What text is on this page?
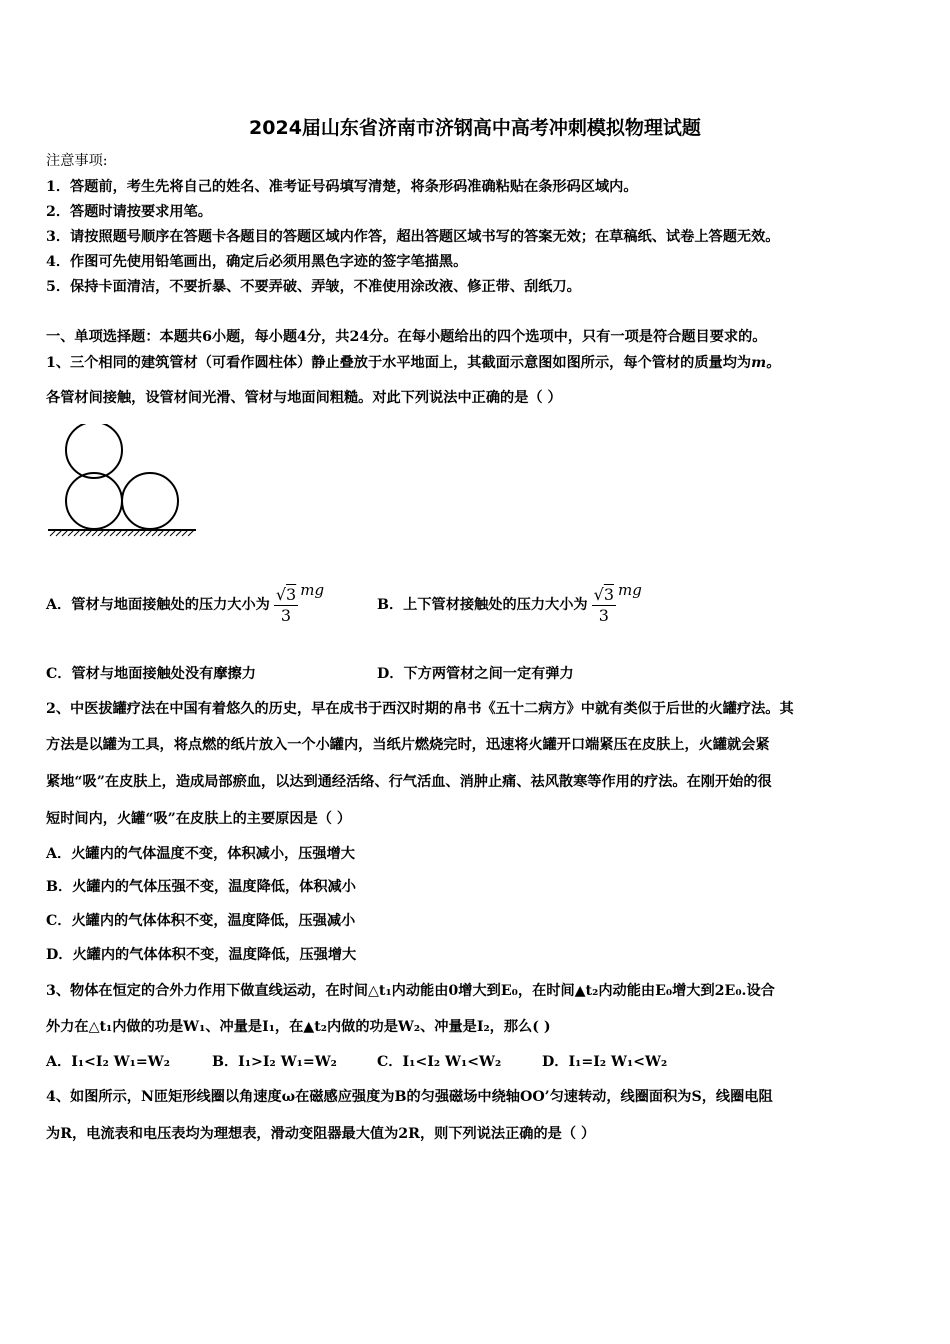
2024届山东省济南市济钢高中高考冲刺模拟物理试题
注意事项:
1．答题前，考生先将自己的姓名、准考证号码填写清楚，将条形码准确粘贴在条形码区域内。
2．答题时请按要求用笔。
3．请按照题号顺序在答题卡各题目的答题区域内作答，超出答题区域书写的答案无效；在草稿纸、试卷上答题无效。
4．作图可先使用铅笔画出，确定后必须用黑色字迹的签字笔描黑。
5．保持卡面清洁，不要折暴、不要弄破、弄皱，不准使用涂改液、修正带、刮纸刀。
一、单项选择题：本题共6小题，每小题4分，共24分。在每小题给出的四个选项中，只有一项是符合题目要求的。
1、三个相同的建筑管材（可看作圆柱体）静止叠放于水平地面上，其截面示意图如图所示，每个管材的质量均为m。
各管材间接触，设管材间光滑、管材与地面间粗糙。对此下列说法中正确的是（ ）
A．管材与地面接触处的压力大小为 $\frac{√3}{3}$ mg
B．上下管材接触处的压力大小为 $\frac{√3}{3}$ mg
C．管材与地面接触处没有摩擦力	D．下方两管材之间一定有弹力
2、中医拔罐疗法在中国有着悠久的历史，早在成书于西汉时期的帛书《五十二病方》中就有类似于后世的火罐疗法。其
方法是以罐为工具，将点燃的纸片放入一个小罐内，当纸片燃烧完时，迅速将火罐开口端紧压在皮肤上，火罐就会紧
紧地“吸”在皮肤上，造成局部瘀血，以达到通经活络、行气活血、消肿止痛、祛风散寒等作用的疗法。在刚开始的很
短时间内，火罐“吸”在皮肤上的主要原因是（ ）
A．火罐内的气体温度不变，体积减小，压强增大
B．火罐内的气体压强不变，温度降低，体积减小
C．火罐内的气体体积不变，温度降低，压强减小
D．火罐内的气体体积不变，温度降低，压强增大
3、物体在恒定的合外力作用下做直线运动，在时间△t₁内动能由0增大到E₀，在时间▲t₂内动能由E₀增大到2E₀.设合
外力在△t₁内做的功是W₁、冲量是I₁，在▲t₂内做的功是W₂、冲量是I₂，那么( )
A．I₁<I₂ W₁=W₂	B．I₁>I₂ W₁=W₂	C．I₁<I₂ W₁<W₂	D．I₁=I₂ W₁<W₂
4、如图所示，N匝矩形线圈以角速度ω在磁感应强度为B的匀强磁场中绕轴OO’匀速转动，线圈面积为S，线圈电阻
为R，电流表和电压表均为理想表，滑动变阻器最大值为2R，则下列说法正确的是（ ）
